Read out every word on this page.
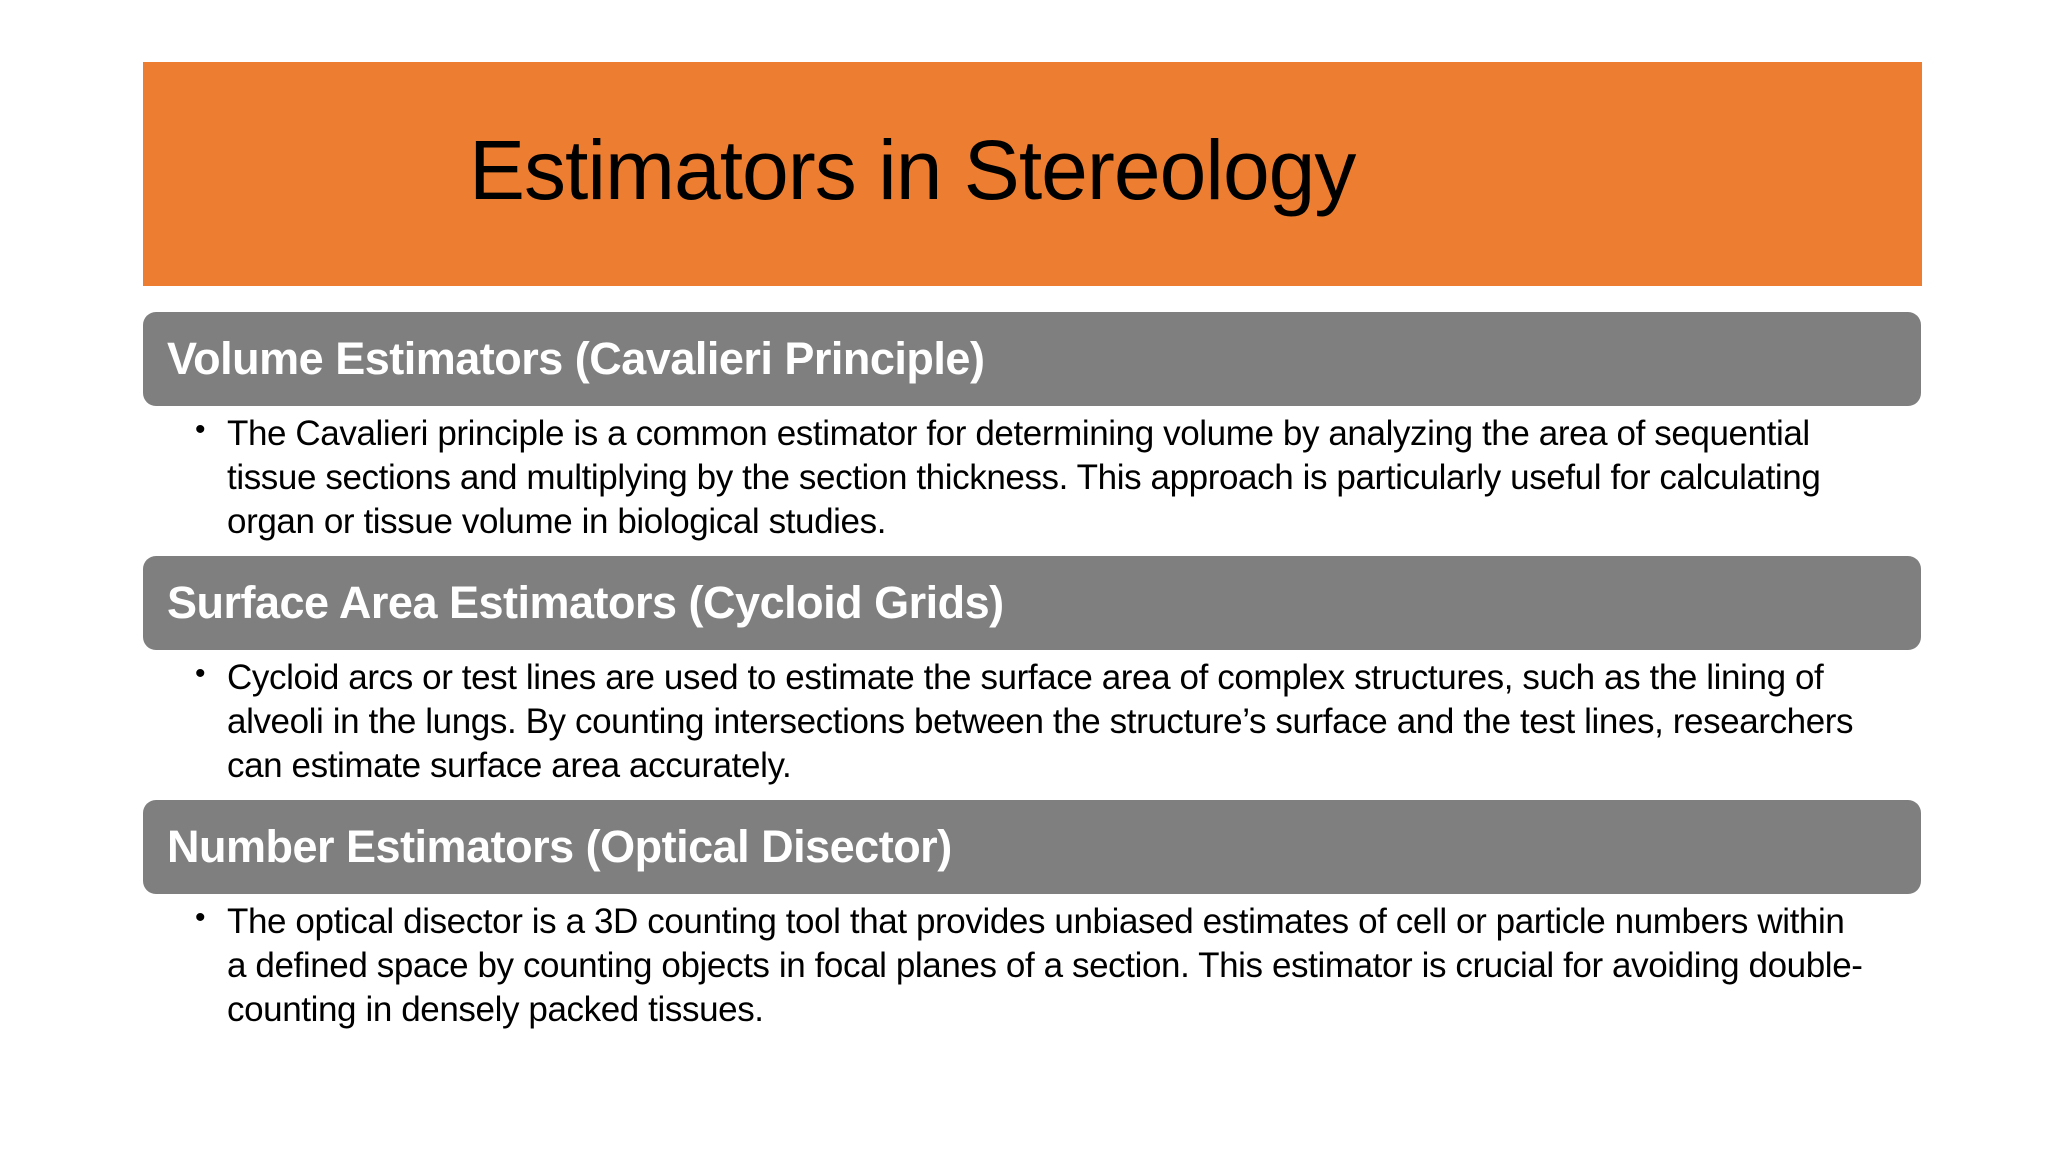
Estimators in Stereology
Volume Estimators (Cavalieri Principle)
• The Cavalieri principle is a common estimator for determining volume by analyzing the area of sequential tissue sections and multiplying by the section thickness. This approach is particularly useful for calculating organ or tissue volume in biological studies.

Surface Area Estimators (Cycloid Grids)
• Cycloid arcs or test lines are used to estimate the surface area of complex structures, such as the lining of alveoli in the lungs. By counting intersections between the structure’s surface and the test lines, researchers can estimate surface area accurately.

Number Estimators (Optical Disector)
• The optical disector is a 3D counting tool that provides unbiased estimates of cell or particle numbers within a defined space by counting objects in focal planes of a section. This estimator is crucial for avoiding double-counting in densely packed tissues.
